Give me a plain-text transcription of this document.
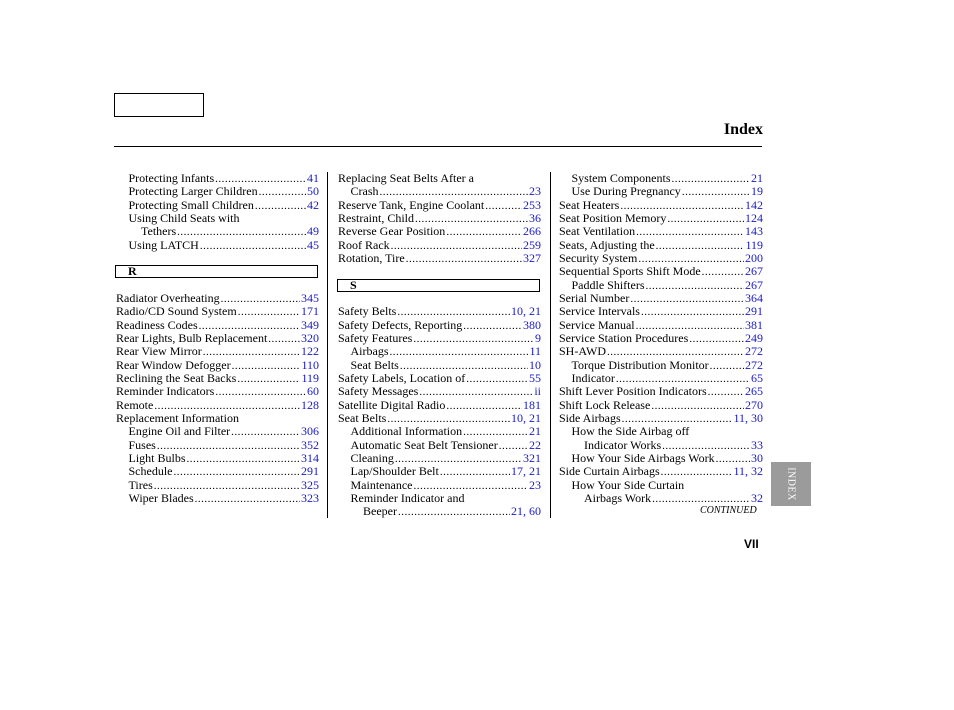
Index
Protecting Infants .....	41
Protecting Larger Children .....	50
Protecting Small Children .....	42
Using Child Seats with
Tethers .....	49
Using LATCH .....	45
R
Radiator Overheating .....	345
Radio/CD Sound System .....	171
Readiness Codes .....	349
Rear Lights, Bulb Replacement .....	320
Rear View Mirror .....	122
Rear Window Defogger .....	110
Reclining the Seat Backs .....	119
Reminder Indicators .....	60
Remote .....	128
Replacement Information
Engine Oil and Filter .....	306
Fuses .....	352
Light Bulbs .....	314
Schedule .....	291
Tires .....	325
Wiper Blades .....	323
Replacing Seat Belts After a
Crash .....	23
Reserve Tank, Engine Coolant .....	253
Restraint, Child .....	36
Reverse Gear Position .....	266
Roof Rack .....	259
Rotation, Tire .....	327
S
Safety Belts .....	10, 21
Safety Defects, Reporting .....	380
Safety Features .....	9
Airbags .....	11
Seat Belts .....	10
Safety Labels, Location of .....	55
Safety Messages .....	ii
Satellite Digital Radio .....	181
Seat Belts .....	10, 21
Additional Information .....	21
Automatic Seat Belt Tensioner .....	22
Cleaning .....	321
Lap/Shoulder Belt .....	17, 21
Maintenance .....	23
Reminder Indicator and
Beeper .....	21, 60
System Components .....	21
Use During Pregnancy .....	19
Seat Heaters .....	142
Seat Position Memory .....	124
Seat Ventilation .....	143
Seats, Adjusting the .....	119
Security System .....	200
Sequential Sports Shift Mode .....	267
Paddle Shifters .....	267
Serial Number .....	364
Service Intervals .....	291
Service Manual .....	381
Service Station Procedures .....	249
SH-AWD .....	272
Torque Distribution Monitor .....	272
Indicator .....	65
Shift Lever Position Indicators .....	265
Shift Lock Release .....	270
Side Airbags .....	11, 30
How the Side Airbag off
Indicator Works .....	33
How Your Side Airbags Work .....	30
Side Curtain Airbags .....	11, 32
How Your Side Curtain
Airbags Work .....	32
CONTINUED
VII
INDEX
